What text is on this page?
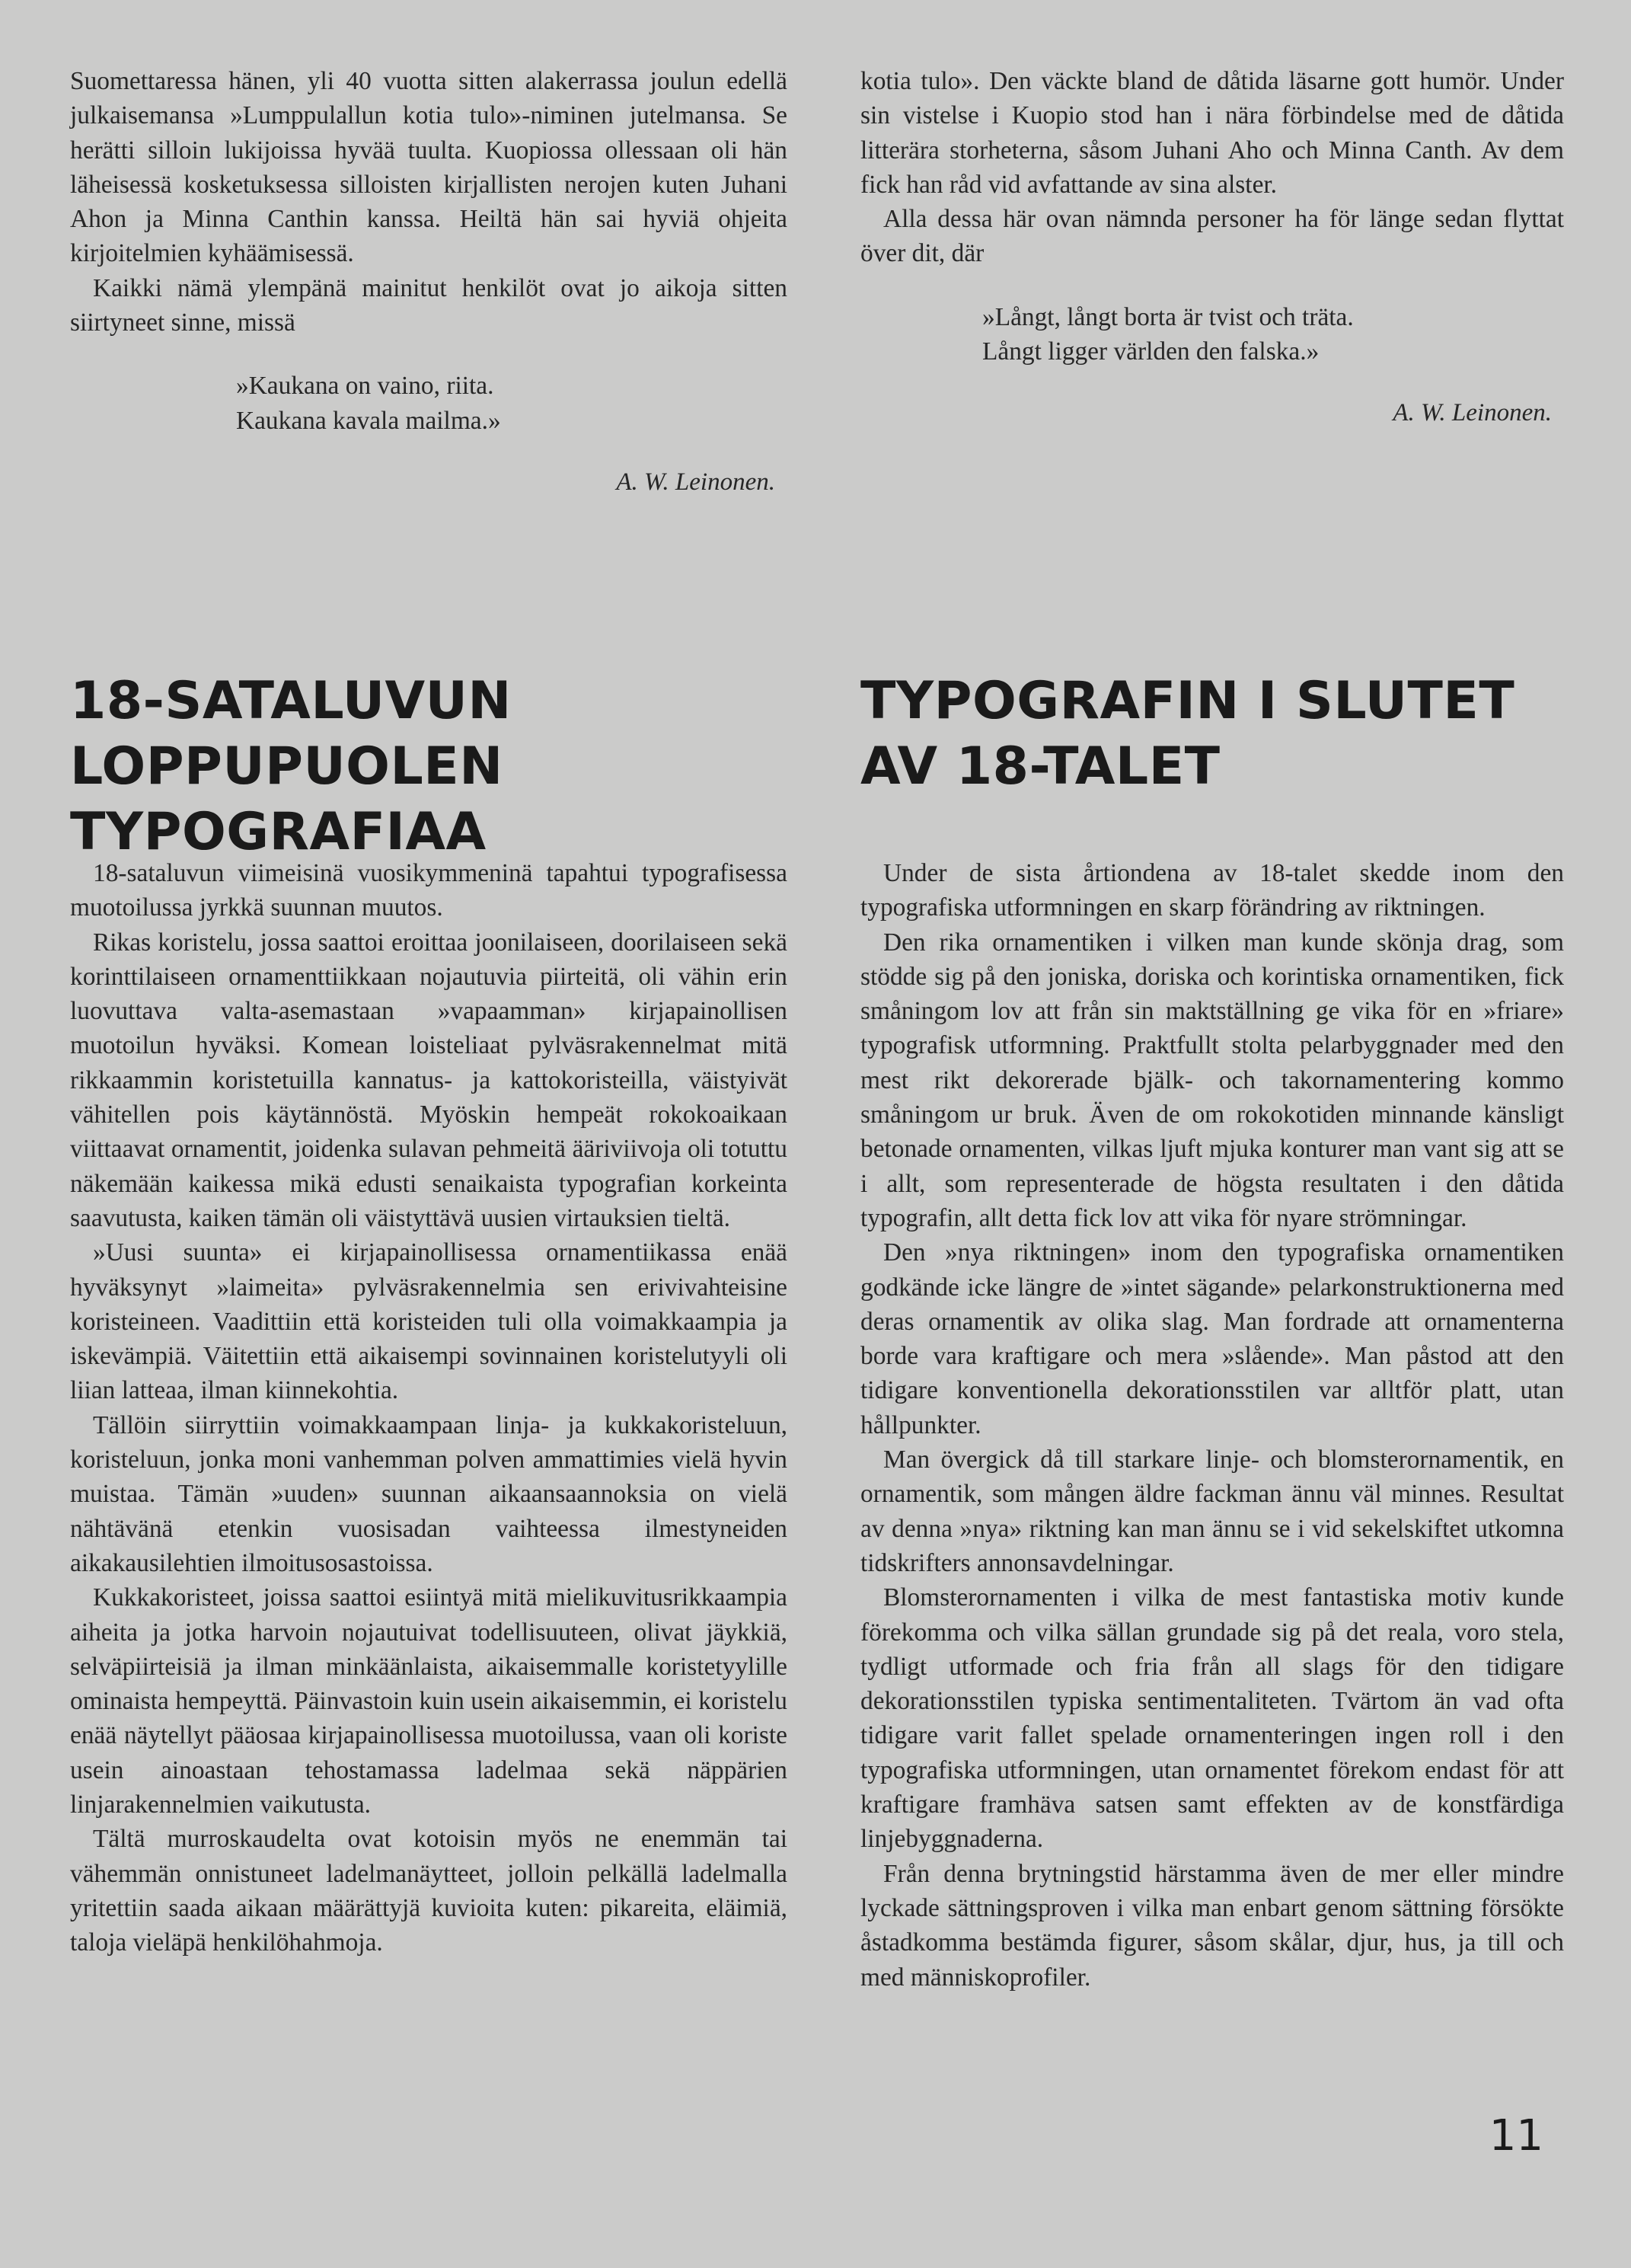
Suomettaressa hänen, yli 40 vuotta sitten alakerrassa joulun edellä julkaisemansa »Lumppulallun kotia tulo»-niminen jutelmansa. Se herätti silloin lukijoissa hyvää tuulta. Kuopiossa ollessaan oli hän läheisessä kosketuksessa silloisten kirjallisten nerojen kuten Juhani Ahon ja Minna Canthin kanssa. Heiltä hän sai hyviä ohjeita kirjoitelmien kyhäämisessä.

Kaikki nämä ylempänä mainitut henkilöt ovat jo aikoja sitten siirtyneet sinne, missä

»Kaukana on vaino, riita.

Kaukana kavala mailma.»

A. W. Leinonen.

kotia tulo». Den väckte bland de dåtida läsarne gott humör. Under sin vistelse i Kuopio stod han i nära förbindelse med de dåtida litterära storheterna, såsom Juhani Aho och Minna Canth. Av dem fick han råd vid avfattande av sina alster.

Alla dessa här ovan nämnda personer ha för länge sedan flyttat över dit, där

»Långt, långt borta är tvist och träta.

Långt ligger världen den falska.»

A. W. Leinonen.
18-SATALUVUN LOPPUPUOLEN TYPOGRAFIAA
TYPOGRAFIN I SLUTET AV 18-TALET

18-sataluvun viimeisinä vuosikymmeninä tapahtui typografisessa muotoilussa jyrkkä suunnan muutos.

Rikas koristelu, jossa saattoi eroittaa joonilaiseen, doorilaiseen sekä korinttilaiseen ornamenttiikkaan nojautuvia piirteitä, oli vähin erin luovuttava valta-asemastaan »vapaamman» kirjapainollisen muotoilun hyväksi. Komean loisteliaat pylväsrakennelmat mitä rikkaammin koristetuilla kannatus- ja kattokoristeilla, väistyivät vähitellen pois käytännöstä. Myöskin hempeät rokokoaikaan viittaavat ornamentit, joidenka sulavan pehmeitä ääriviivoja oli totuttu näkemään kaikessa mikä edusti senaikaista typografian korkeinta saavutusta, kaiken tämän oli väistyttävä uusien virtauksien tieltä.

»Uusi suunta» ei kirjapainollisessa ornamentiikassa enää hyväksynyt »laimeita» pylväsrakennelmia sen erivivahteisine koristeineen. Vaadittiin että koristeiden tuli olla voimakkaampia ja iskevämpiä. Väitettiin että aikaisempi sovinnainen koristelutyyli oli liian latteaa, ilman kiinnekohtia.

Tällöin siirryttiin voimakkaampaan linja- ja kukkakoristeluun, koristeluun, jonka moni vanhemman polven ammattimies vielä hyvin muistaa. Tämän »uuden» suunnan aikaansaannoksia on vielä nähtävänä etenkin vuosisadan vaihteessa ilmestyneiden aikakausilehtien ilmoitusosastoissa.

Kukkakoristeet, joissa saattoi esiintyä mitä mielikuvitusrikkaampia aiheita ja jotka harvoin nojautuivat todellisuuteen, olivat jäykkiä, selväpiirteisiä ja ilman minkäänlaista, aikaisemmalle koristetyylille ominaista hempeyttä. Päinvastoin kuin usein aikaisemmin, ei koristelu enää näytellyt pääosaa kirjapainollisessa muotoilussa, vaan oli koriste usein ainoastaan tehostamassa ladelmaa sekä näppärien linjarakennelmien vaikutusta.

Tältä murroskaudelta ovat kotoisin myös ne enemmän tai vähemmän onnistuneet ladelmanäytteet, jolloin pelkällä ladelmalla yritettiin saada aikaan määrättyjä kuvioita kuten: pikareita, eläimiä, taloja vieläpä henkilöhahmoja.

Under de sista årtiondena av 18-talet skedde inom den typografiska utformningen en skarp förändring av riktningen.

Den rika ornamentiken i vilken man kunde skönja drag, som stödde sig på den joniska, doriska och korintiska ornamentiken, fick småningom lov att från sin maktställning ge vika för en »friare» typografisk utformning. Praktfullt stolta pelarbyggnader med den mest rikt dekorerade bjälk- och takornamentering kommo småningom ur bruk. Även de om rokokotiden minnande känsligt betonade ornamenten, vilkas ljuft mjuka konturer man vant sig att se i allt, som representerade de högsta resultaten i den dåtida typografin, allt detta fick lov att vika för nyare strömningar.

Den »nya riktningen» inom den typografiska ornamentiken godkände icke längre de »intet sägande» pelarkonstruktionerna med deras ornamentik av olika slag. Man fordrade att ornamenterna borde vara kraftigare och mera »slående». Man påstod att den tidigare konventionella dekorationsstilen var alltför platt, utan hållpunkter.

Man övergick då till starkare linje- och blomsterornamentik, en ornamentik, som mången äldre fackman ännu väl minnes. Resultat av denna »nya» riktning kan man ännu se i vid sekelskiftet utkomna tidskrifters annonsavdelningar.

Blomsterornamenten i vilka de mest fantastiska motiv kunde förekomma och vilka sällan grundade sig på det reala, voro stela, tydligt utformade och fria från all slags för den tidigare dekorationsstilen typiska sentimentaliteten. Tvärtom än vad ofta tidigare varit fallet spelade ornamenteringen ingen roll i den typografiska utformningen, utan ornamentet förekom endast för att kraftigare framhäva satsen samt effekten av de konstfärdiga linjebyggnaderna.

Från denna brytningstid härstamma även de mer eller mindre lyckade sättningsproven i vilka man enbart genom sättning försökte åstadkomma bestämda figurer, såsom skålar, djur, hus, ja till och med människoprofiler.

11
